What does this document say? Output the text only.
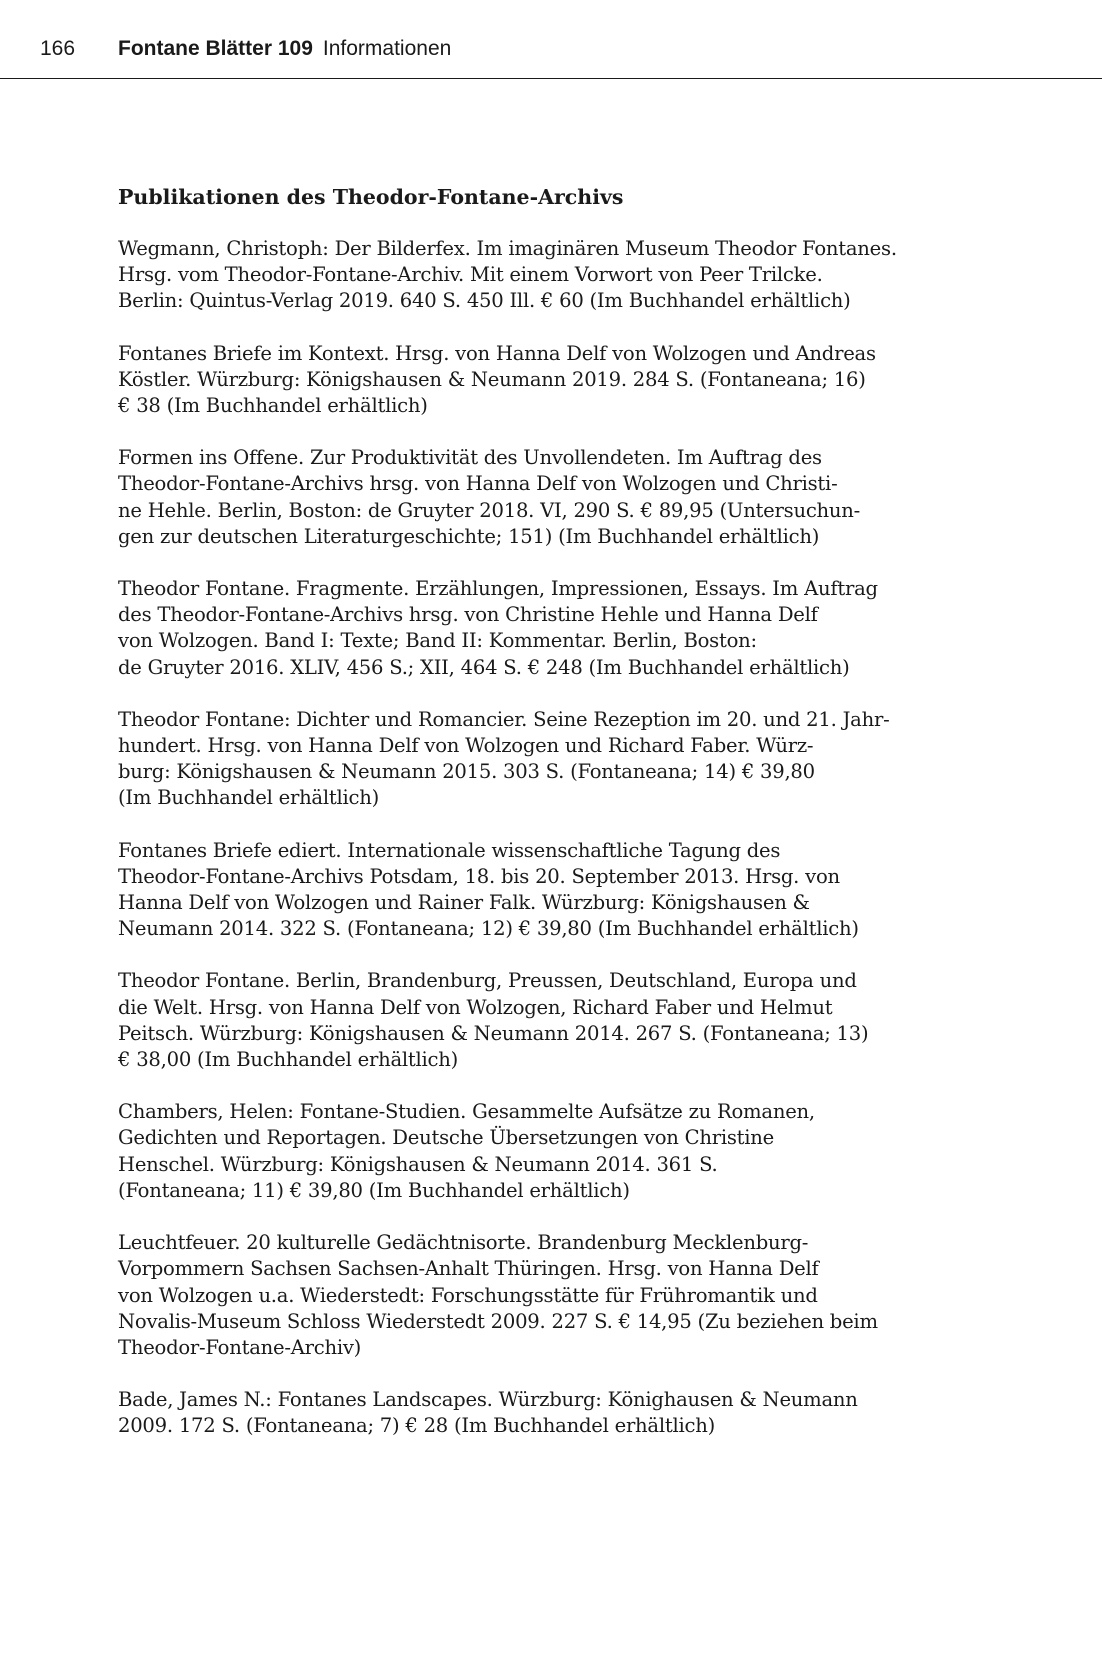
166 Fontane Blätter 109 Informationen
Publikationen des Theodor-Fontane-Archivs
Wegmann, Christoph: Der Bilderfex. Im imaginären Museum Theodor Fontanes.
Hrsg. vom Theodor-Fontane-Archiv. Mit einem Vorwort von Peer Trilcke.
Berlin: Quintus-Verlag 2019. 640 S. 450 Ill. € 60 (Im Buchhandel erhältlich)
Fontanes Briefe im Kontext. Hrsg. von Hanna Delf von Wolzogen und Andreas
Köstler. Würzburg: Königshausen & Neumann 2019. 284 S. (Fontaneana; 16)
€ 38 (Im Buchhandel erhältlich)
Formen ins Offene. Zur Produktivität des Unvollendeten. Im Auftrag des
Theodor-Fontane-Archivs hrsg. von Hanna Delf von Wolzogen und Christi-
ne Hehle. Berlin, Boston: de Gruyter 2018. VI, 290 S. € 89,95 (Untersuchun-
gen zur deutschen Literaturgeschichte; 151) (Im Buchhandel erhältlich)
Theodor Fontane. Fragmente. Erzählungen, Impressionen, Essays. Im Auftrag
des Theodor-Fontane-Archivs hrsg. von Christine Hehle und Hanna Delf
von Wolzogen. Band I: Texte; Band II: Kommentar. Berlin, Boston:
de Gruyter 2016. XLIV, 456 S.; XII, 464 S. € 248 (Im Buchhandel erhältlich)
Theodor Fontane: Dichter und Romancier. Seine Rezeption im 20. und 21. Jahr-
hundert. Hrsg. von Hanna Delf von Wolzogen und Richard Faber. Würz-
burg: Königshausen & Neumann 2015. 303 S. (Fontaneana; 14) € 39,80
(Im Buchhandel erhältlich)
Fontanes Briefe ediert. Internationale wissenschaftliche Tagung des
Theodor-Fontane-Archivs Potsdam, 18. bis 20. September 2013. Hrsg. von
Hanna Delf von Wolzogen und Rainer Falk. Würzburg: Königshausen &
Neumann 2014. 322 S. (Fontaneana; 12) € 39,80 (Im Buchhandel erhältlich)
Theodor Fontane. Berlin, Brandenburg, Preussen, Deutschland, Europa und
die Welt. Hrsg. von Hanna Delf von Wolzogen, Richard Faber und Helmut
Peitsch. Würzburg: Königshausen & Neumann 2014. 267 S. (Fontaneana; 13)
€ 38,00 (Im Buchhandel erhältlich)
Chambers, Helen: Fontane-Studien. Gesammelte Aufsätze zu Romanen,
Gedichten und Reportagen. Deutsche Übersetzungen von Christine
Henschel. Würzburg: Königshausen & Neumann 2014. 361 S.
(Fontaneana; 11) € 39,80 (Im Buchhandel erhältlich)
Leuchtfeuer. 20 kulturelle Gedächtnisorte. Brandenburg Mecklenburg-
Vorpommern Sachsen Sachsen-Anhalt Thüringen. Hrsg. von Hanna Delf
von Wolzogen u.a. Wiederstedt: Forschungsstätte für Frühromantik und
Novalis-Museum Schloss Wiederstedt 2009. 227 S. € 14,95 (Zu beziehen beim
Theodor-Fontane-Archiv)
Bade, James N.: Fontanes Landscapes. Würzburg: Könighausen & Neumann
2009. 172 S. (Fontaneana; 7) € 28 (Im Buchhandel erhältlich)
